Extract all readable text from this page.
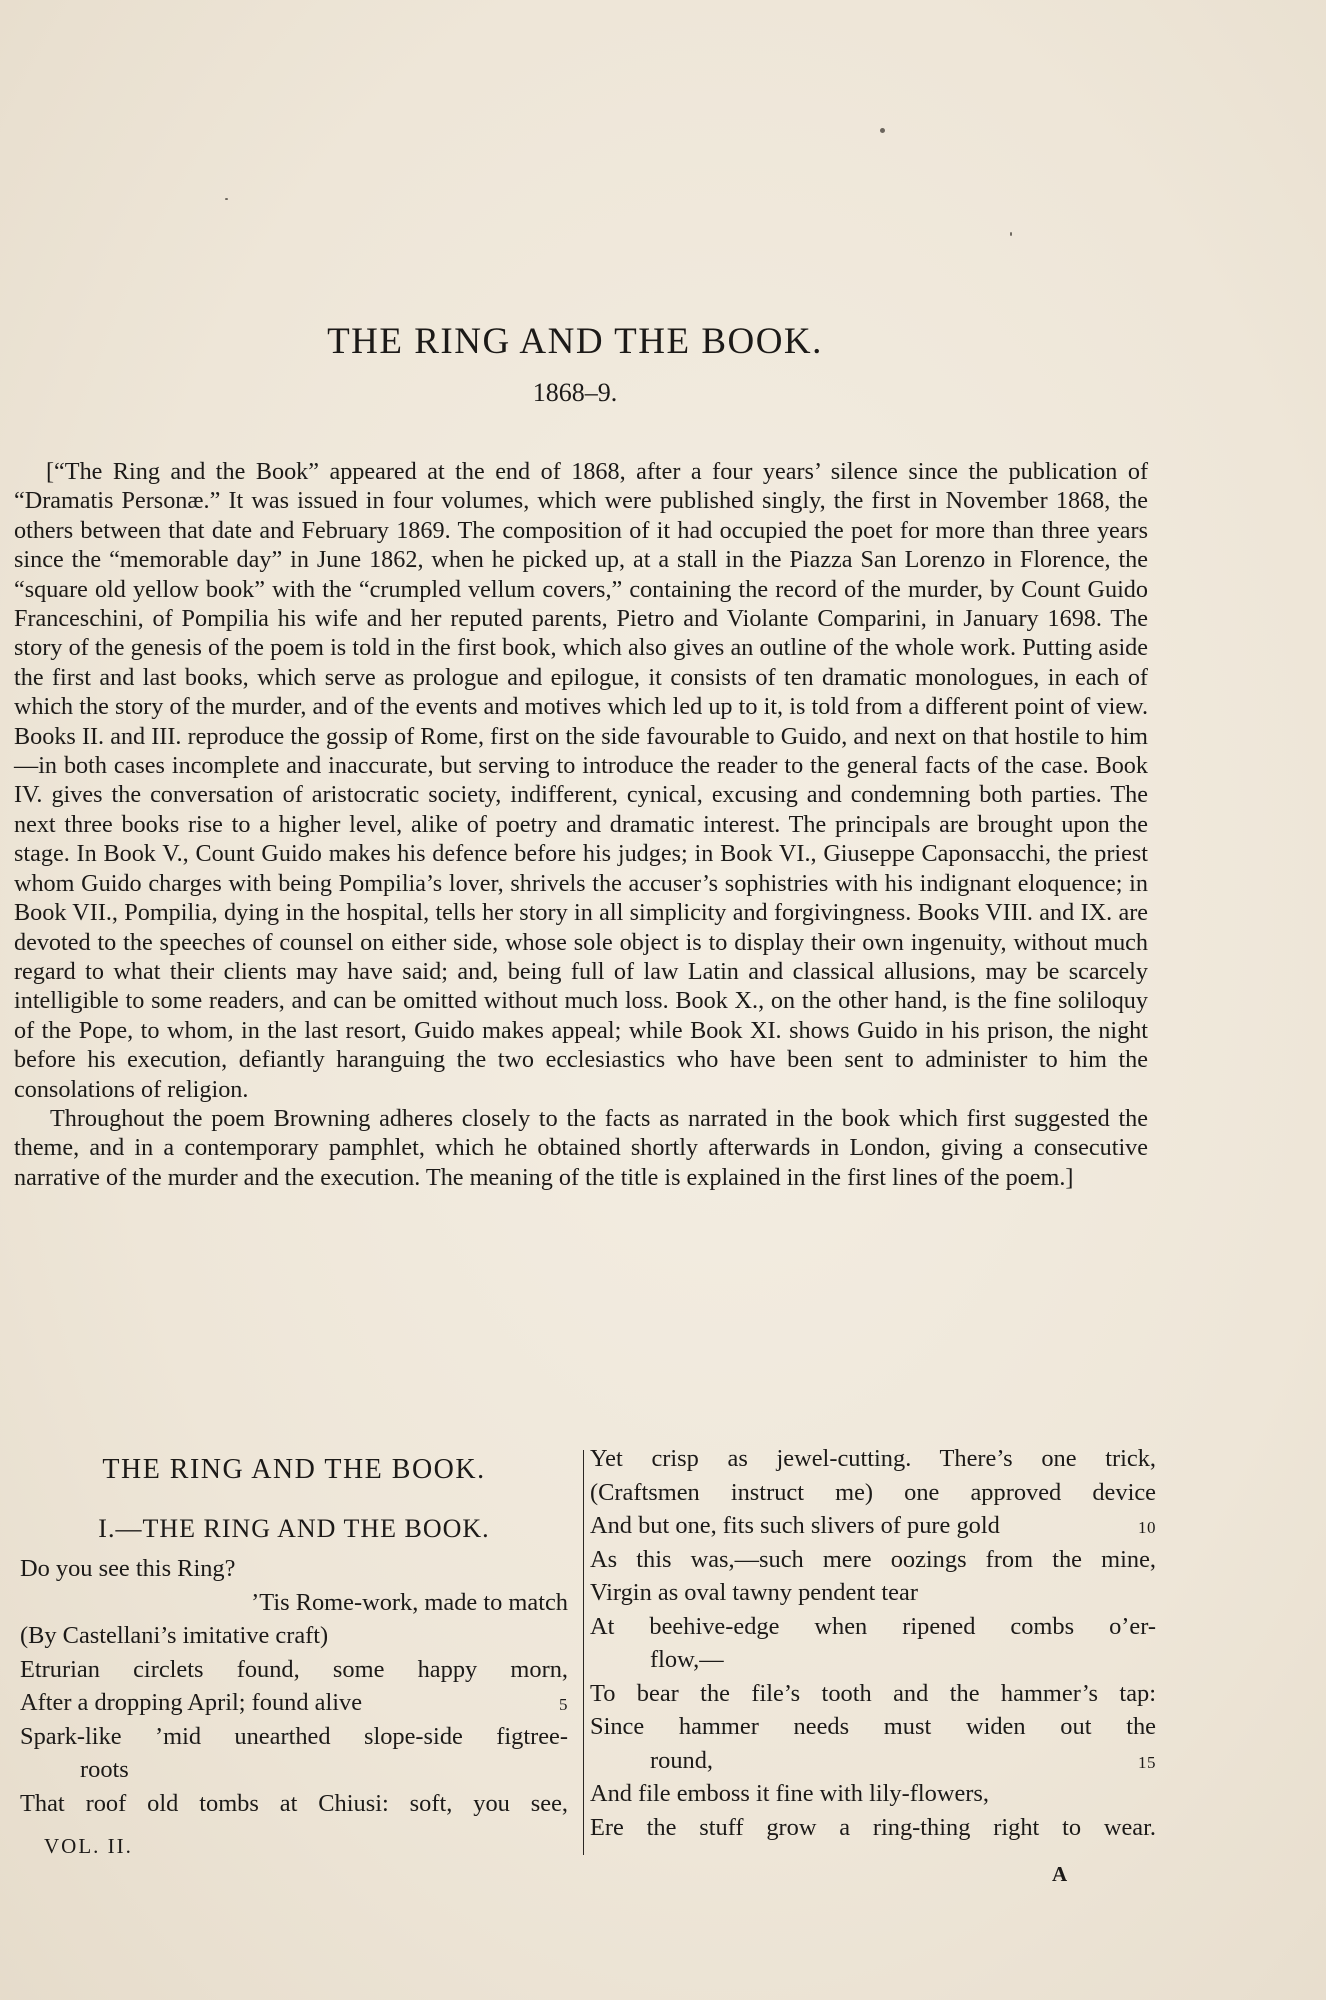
THE RING AND THE BOOK.
1868–9.

[“The Ring and the Book” appeared at the end of 1868, after a four years’ silence since the publication of “Dramatis Personæ.” It was issued in four volumes, which were published singly, the first in November 1868, the others between that date and February 1869. The composition of it had occupied the poet for more than three years since the “memorable day” in June 1862, when he picked up, at a stall in the Piazza San Lorenzo in Florence, the “square old yellow book” with the “crumpled vellum covers,” containing the record of the murder, by Count Guido Franceschini, of Pompilia his wife and her reputed parents, Pietro and Violante Comparini, in January 1698. The story of the genesis of the poem is told in the first book, which also gives an outline of the whole work. Putting aside the first and last books, which serve as prologue and epilogue, it consists of ten dramatic monologues, in each of which the story of the murder, and of the events and motives which led up to it, is told from a different point of view. Books II. and III. reproduce the gossip of Rome, first on the side favourable to Guido, and next on that hostile to him—in both cases incomplete and inaccurate, but serving to introduce the reader to the general facts of the case. Book IV. gives the conversation of aristocratic society, indifferent, cynical, excusing and condemning both parties. The next three books rise to a higher level, alike of poetry and dramatic interest. The principals are brought upon the stage. In Book V., Count Guido makes his defence before his judges; in Book VI., Giuseppe Caponsacchi, the priest whom Guido charges with being Pompilia’s lover, shrivels the accuser’s sophistries with his indignant eloquence; in Book VII., Pompilia, dying in the hospital, tells her story in all simplicity and forgivingness. Books VIII. and IX. are devoted to the speeches of counsel on either side, whose sole object is to display their own ingenuity, without much regard to what their clients may have said; and, being full of law Latin and classical allusions, may be scarcely intelligible to some readers, and can be omitted without much loss. Book X., on the other hand, is the fine soliloquy of the Pope, to whom, in the last resort, Guido makes appeal; while Book XI. shows Guido in his prison, the night before his execution, defiantly haranguing the two ecclesiastics who have been sent to administer to him the consolations of religion.

Throughout the poem Browning adheres closely to the facts as narrated in the book which first suggested the theme, and in a contemporary pamphlet, which he obtained shortly afterwards in London, giving a consecutive narrative of the murder and the execution. The meaning of the title is explained in the first lines of the poem.]

THE RING AND THE BOOK.
I.—THE RING AND THE BOOK.
Do you see this Ring?
’Tis Rome-work, made to match
(By Castellani’s imitative craft)
Etrurian circlets found, some happy morn,
After a dropping April; found alive	5
Spark-like ’mid unearthed slope-side figtree-
roots
That roof old tombs at Chiusi: soft, you see,
Yet crisp as jewel-cutting. There’s one trick,
(Craftsmen instruct me) one approved device
And but one, fits such slivers of pure gold	10
As this was,—such mere oozings from the mine,
Virgin as oval tawny pendent tear
At beehive-edge when ripened combs o’er-
flow,—
To bear the file’s tooth and the hammer’s tap:
Since hammer needs must widen out the
round,	15
And file emboss it fine with lily-flowers,
Ere the stuff grow a ring-thing right to wear.
VOL. II.
A
